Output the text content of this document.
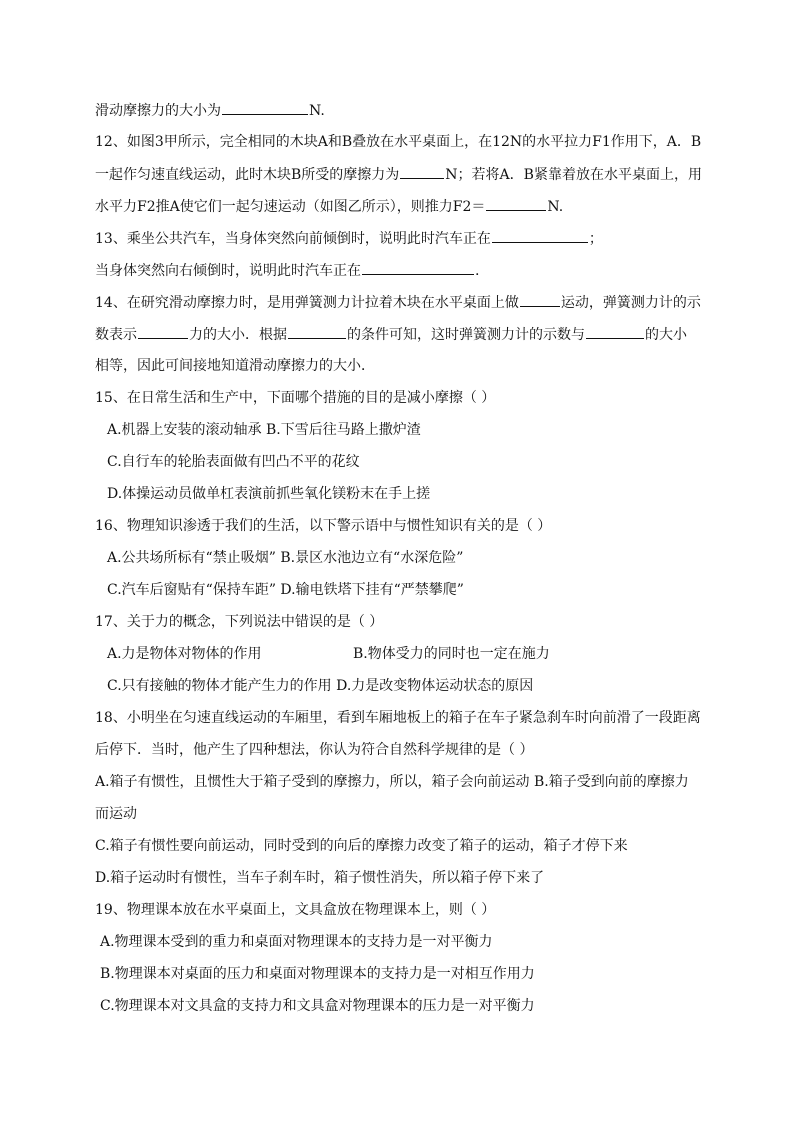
滑动摩擦力的大小为	N.
12、如图3甲所示，完全相同的木块A和B叠放在水平桌面上，在12N的水平拉力F1作用下，A．B
一起作匀速直线运动，此时木块B所受的摩擦力为	N；若将A．B紧靠着放在水平桌面上，用
水平力F2推A使它们一起匀速运动（如图乙所示），则推力F2＝	N.
13、乘坐公共汽车，当身体突然向前倾倒时，说明此时汽车正在	；
当身体突然向右倾倒时，说明此时汽车正在	.
14、在研究滑动摩擦力时，是用弹簧测力计拉着木块在水平桌面上做	运动，弹簧测力计的示
数表示	力的大小．根据	的条件可知，这时弹簧测力计的示数与	的大小
相等，因此可间接地知道滑动摩擦力的大小．
15、在日常生活和生产中，下面哪个措施的目的是减小摩擦（ ）
A.机器上安装的滚动轴承 B.下雪后往马路上撒炉渣
C.自行车的轮胎表面做有凹凸不平的花纹
D.体操运动员做单杠表演前抓些氧化镁粉末在手上搓
16、物理知识渗透于我们的生活，以下警示语中与惯性知识有关的是（ ）
A.公共场所标有“禁止吸烟” B.景区水池边立有“水深危险”
C.汽车后窗贴有“保持车距” D.输电铁塔下挂有“严禁攀爬”
17、关于力的概念，下列说法中错误的是（ ）
A.力是物体对物体的作用	B.物体受力的同时也一定在施力
C.只有接触的物体才能产生力的作用 D.力是改变物体运动状态的原因
18、小明坐在匀速直线运动的车厢里，看到车厢地板上的箱子在车子紧急刹车时向前滑了一段距离
后停下．当时，他产生了四种想法，你认为符合自然科学规律的是（ ）
A.箱子有惯性，且惯性大于箱子受到的摩擦力，所以，箱子会向前运动 B.箱子受到向前的摩擦力
而运动
C.箱子有惯性要向前运动，同时受到的向后的摩擦力改变了箱子的运动，箱子才停下来
D.箱子运动时有惯性，当车子刹车时，箱子惯性消失，所以箱子停下来了
19、物理课本放在水平桌面上，文具盒放在物理课本上，则（ ）
A.物理课本受到的重力和桌面对物理课本的支持力是一对平衡力
B.物理课本对桌面的压力和桌面对物理课本的支持力是一对相互作用力
C.物理课本对文具盒的支持力和文具盒对物理课本的压力是一对平衡力
